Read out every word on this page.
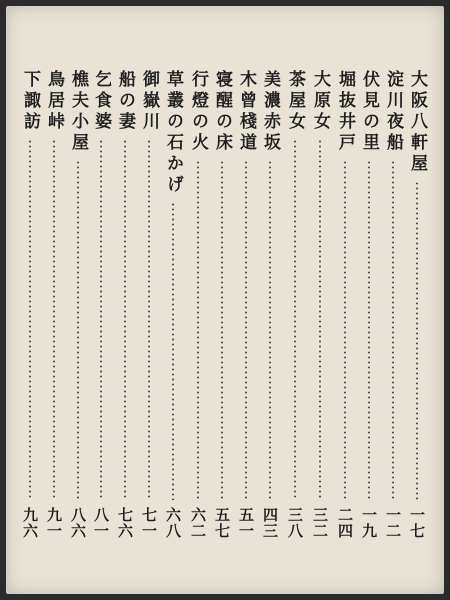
大阪八軒屋
一七
淀川夜船
一二
伏見の里
一九
堀抜井戸
二四
大原女
三二
茶屋女
三八
美濃赤坂
四三
木曾棧道
五一
寝醒の床
五七
行燈の火
六二
草叢の石かげ
六八
御嶽川
七一
船の妻
七六
乞食婆
八一
樵夫小屋
八六
鳥居峠
九一
下諏訪
九六
